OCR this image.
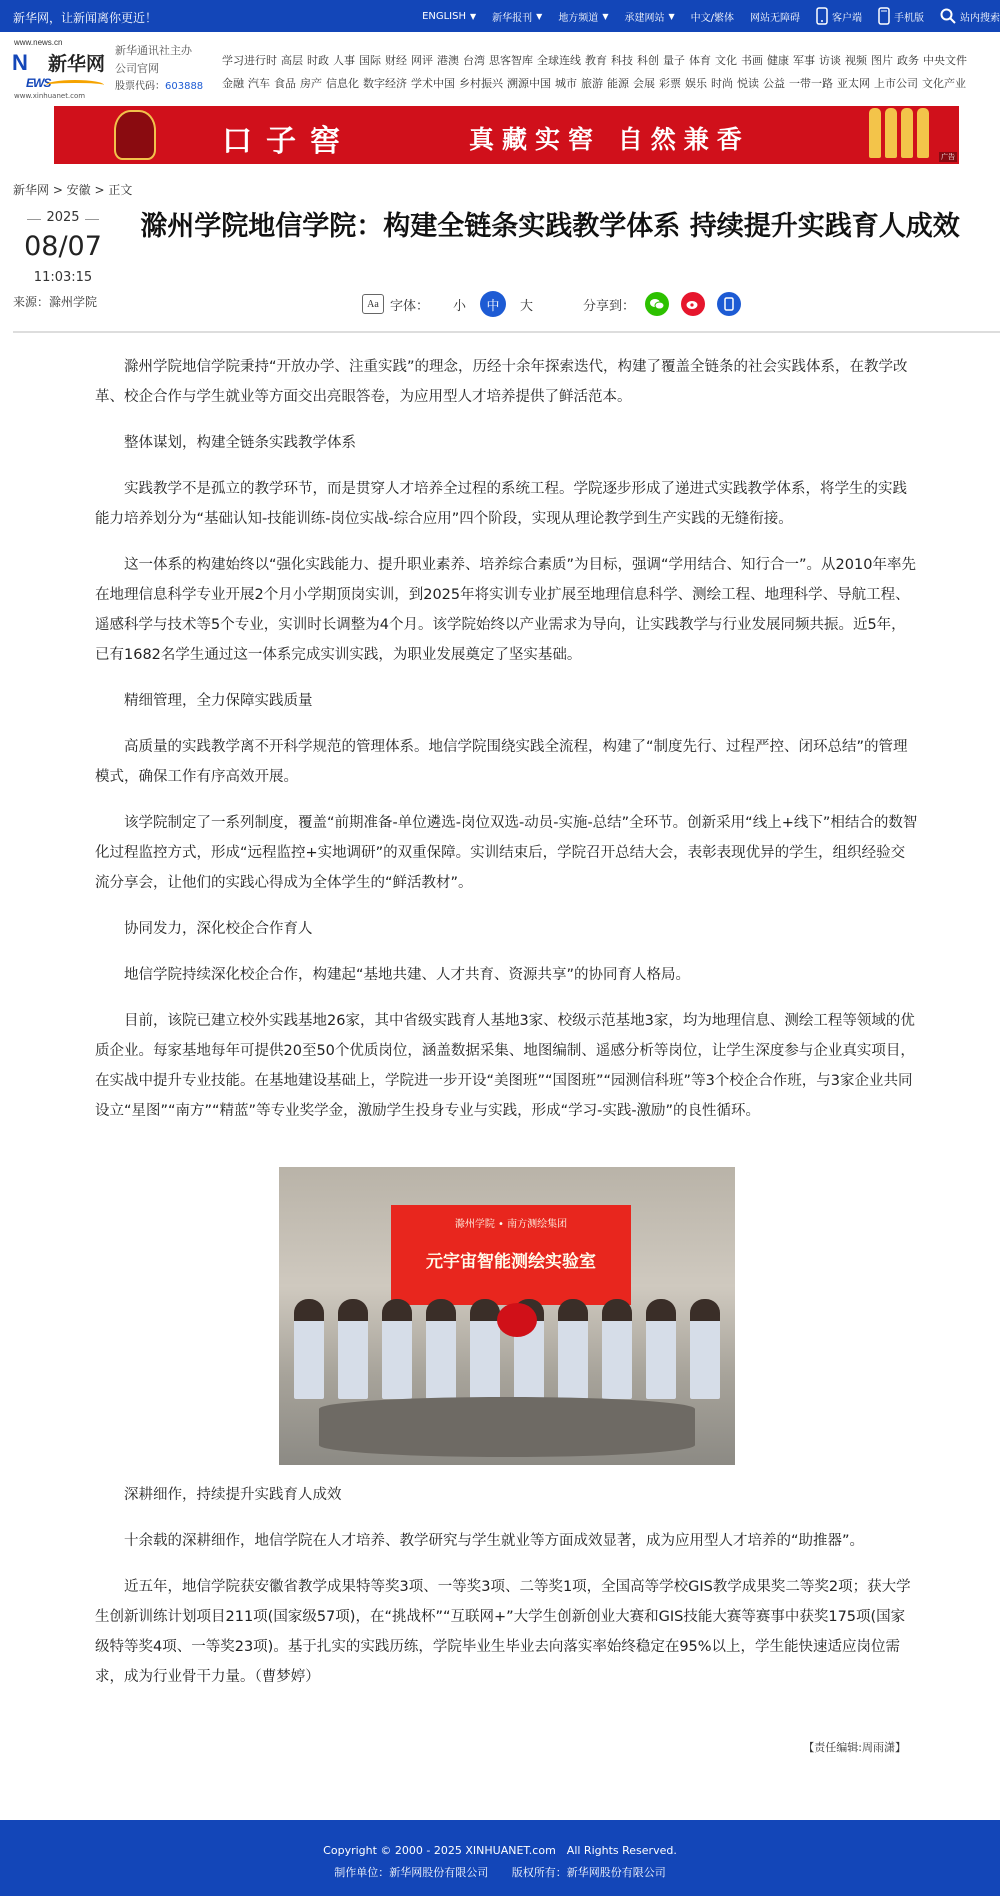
新华网，让新闻离你更近！	ENGLISH ▼ 新华报刊 ▼ 地方频道 ▼ 承建网站 ▼ 中文/繁体 网站无障碍	客户端	手机版	站内搜索
www.news.cn
N 新华网
EWS
www.xinhuanet.com
新华通讯社主办
公司官网
股票代码：603888
学习进行时 高层 时政 人事 国际 财经 网评 港澳 台湾 思客智库 全球连线 教育 科技 科创 量子 体育 文化 书画 健康 军事 访谈 视频 图片 政务 中央文件
金融 汽车 食品 房产 信息化 数字经济 学术中国 乡村振兴 溯源中国 城市 旅游 能源 会展 彩票 娱乐 时尚 悦读 公益 一带一路 亚太网 上市公司 文化产业
口子窖	真藏实窖 自然兼香
广告
新华网 > 安徽 > 正文
2025
08/07
11:03:15
来源：滁州学院
滁州学院地信学院：构建全链条实践教学体系 持续提升实践育人成效
Aa 字体： 小	中	大	分享到：

滁州学院地信学院秉持“开放办学、注重实践”的理念，历经十余年探索迭代，构建了覆盖全链条的社会实践体系，在教学改革、校企合作与学生就业等方面交出亮眼答卷，为应用型人才培养提供了鲜活范本。

整体谋划，构建全链条实践教学体系

实践教学不是孤立的教学环节，而是贯穿人才培养全过程的系统工程。学院逐步形成了递进式实践教学体系，将学生的实践能力培养划分为“基础认知-技能训练-岗位实战-综合应用”四个阶段，实现从理论教学到生产实践的无缝衔接。

这一体系的构建始终以“强化实践能力、提升职业素养、培养综合素质”为目标，强调“学用结合、知行合一”。从2010年率先在地理信息科学专业开展2个月小学期顶岗实训，到2025年将实训专业扩展至地理信息科学、测绘工程、地理科学、导航工程、遥感科学与技术等5个专业，实训时长调整为4个月。该学院始终以产业需求为导向，让实践教学与行业发展同频共振。近5年，已有1682名学生通过这一体系完成实训实践，为职业发展奠定了坚实基础。

精细管理，全力保障实践质量

高质量的实践教学离不开科学规范的管理体系。地信学院围绕实践全流程，构建了“制度先行、过程严控、闭环总结”的管理模式，确保工作有序高效开展。

该学院制定了一系列制度，覆盖“前期准备-单位遴选-岗位双选-动员-实施-总结”全环节。创新采用“线上+线下”相结合的数智化过程监控方式，形成“远程监控+实地调研”的双重保障。实训结束后，学院召开总结大会，表彰表现优异的学生，组织经验交流分享会，让他们的实践心得成为全体学生的“鲜活教材”。

协同发力，深化校企合作育人

地信学院持续深化校企合作，构建起“基地共建、人才共育、资源共享”的协同育人格局。

目前，该院已建立校外实践基地26家，其中省级实践育人基地3家、校级示范基地3家，均为地理信息、测绘工程等领域的优质企业。每家基地每年可提供20至50个优质岗位，涵盖数据采集、地图编制、遥感分析等岗位，让学生深度参与企业真实项目，在实战中提升专业技能。在基地建设基础上，学院进一步开设“美图班”“国图班”“园测信科班”等3个校企合作班，与3家企业共同设立“星图”“南方”“精蓝”等专业奖学金，激励学生投身专业与实践，形成“学习-实践-激励”的良性循环。

滁州学院 • 南方测绘集团
元宇宙智能测绘实验室

深耕细作，持续提升实践育人成效

十余载的深耕细作，地信学院在人才培养、教学研究与学生就业等方面成效显著，成为应用型人才培养的“助推器”。

近五年，地信学院获安徽省教学成果特等奖3项、一等奖3项、二等奖1项，全国高等学校GIS教学成果奖二等奖2项；获大学生创新训练计划项目211项(国家级57项)，在“挑战杯”“互联网+”大学生创新创业大赛和GIS技能大赛等赛事中获奖175项(国家级特等奖4项、一等奖23项)。基于扎实的实践历练，学院毕业生毕业去向落实率始终稳定在95%以上，学生能快速适应岗位需求，成为行业骨干力量。（曹梦婷）

【责任编辑:周雨潇】
Copyright © 2000 - 2025 XINHUANET.com　All Rights Reserved.
制作单位：新华网股份有限公司 版权所有：新华网股份有限公司
